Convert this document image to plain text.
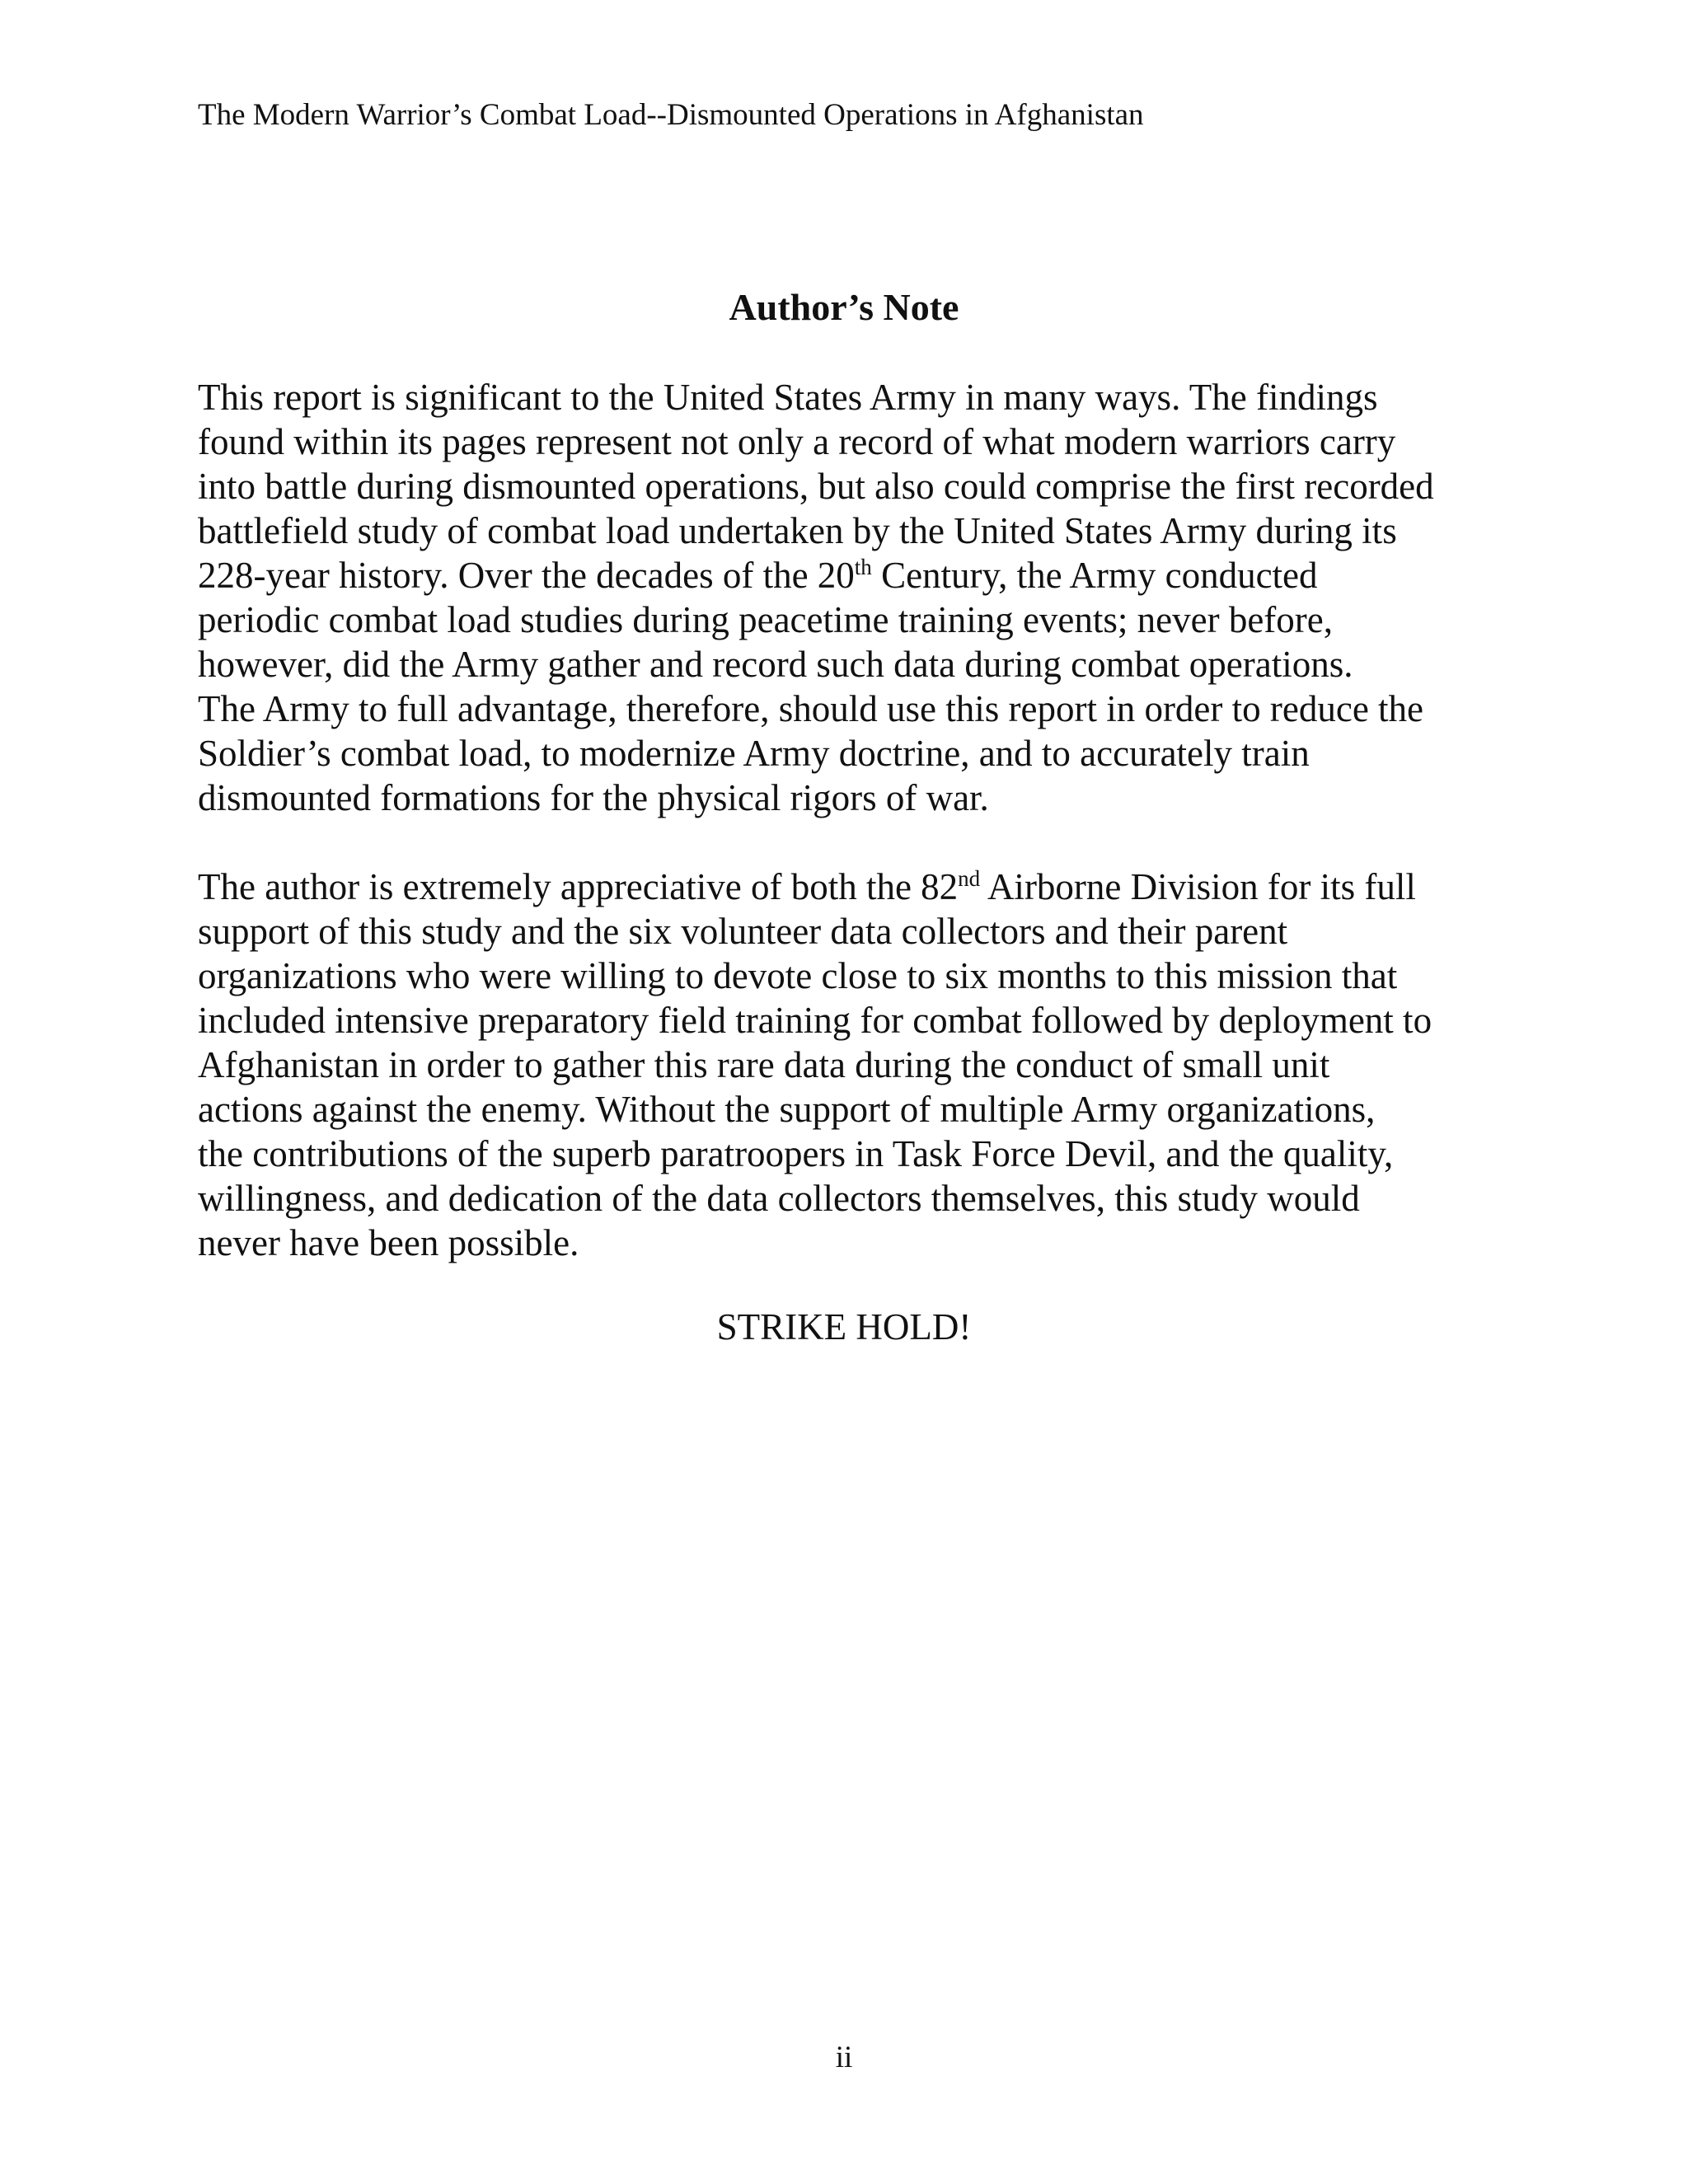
The Modern Warrior’s Combat Load--Dismounted Operations in Afghanistan
Author’s Note
This report is significant to the United States Army in many ways. The findings
found within its pages represent not only a record of what modern warriors carry
into battle during dismounted operations, but also could comprise the first recorded
battlefield study of combat load undertaken by the United States Army during its
228-year history. Over the decades of the 20th Century, the Army conducted
periodic combat load studies during peacetime training events; never before,
however, did the Army gather and record such data during combat operations.
The Army to full advantage, therefore, should use this report in order to reduce the
Soldier’s combat load, to modernize Army doctrine, and to accurately train
dismounted formations for the physical rigors of war.
The author is extremely appreciative of both the 82nd Airborne Division for its full
support of this study and the six volunteer data collectors and their parent
organizations who were willing to devote close to six months to this mission that
included intensive preparatory field training for combat followed by deployment to
Afghanistan in order to gather this rare data during the conduct of small unit
actions against the enemy. Without the support of multiple Army organizations,
the contributions of the superb paratroopers in Task Force Devil, and the quality,
willingness, and dedication of the data collectors themselves, this study would
never have been possible.
STRIKE HOLD!
ii
